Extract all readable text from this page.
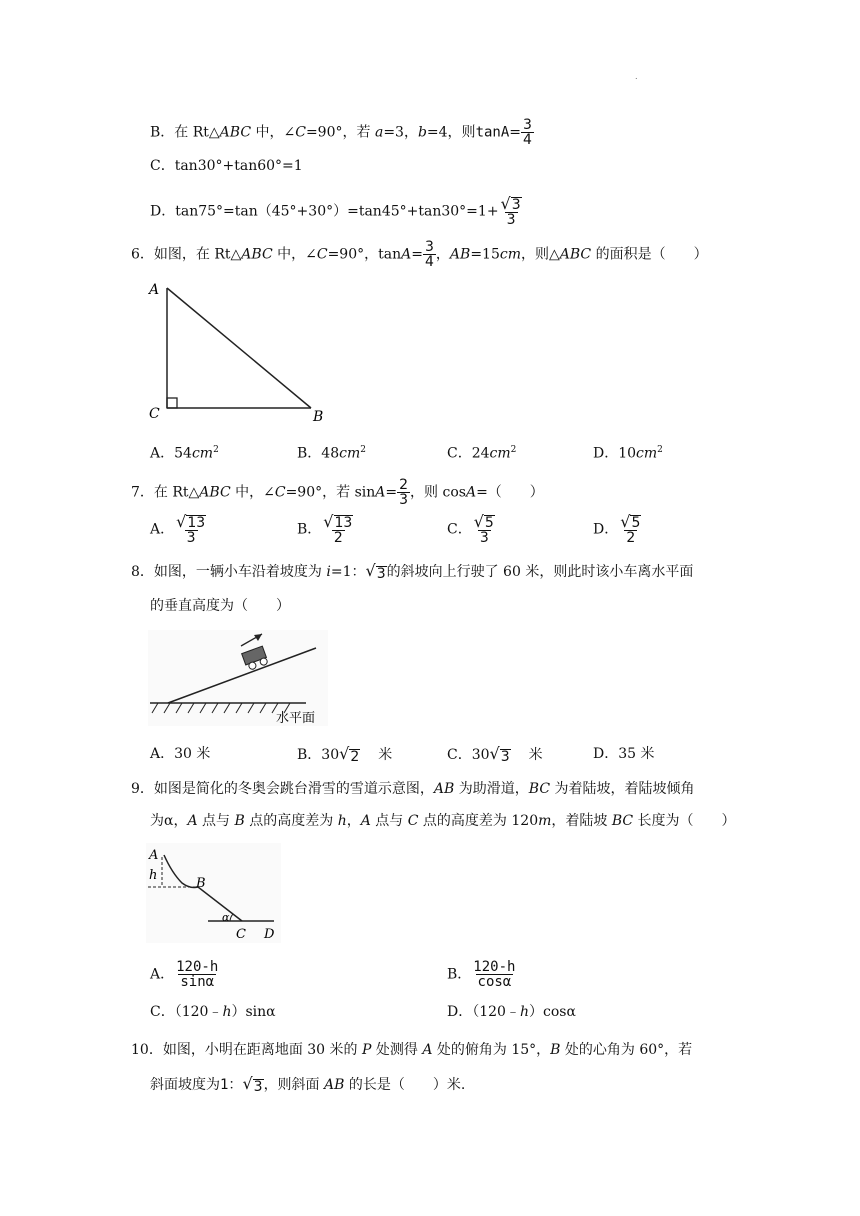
.
B．在 Rt△ABC 中，∠C=90°，若 a=3，b=4，则$\tan A= \frac{3}{4}$
C．tan30°+tan60°=1
D．$\tan 75^\circ=\tan(45^\circ+30^\circ)=\tan 45^\circ+\tan 30^\circ=1+ \frac{√ 3}{3}$
6．如图，在 Rt△ABC 中，∠C=90°，$\tan A= \frac{3}{4}$ ，AB=15cm，则△ABC 的面积是（　　）
A
C	B
A．$54cm^2$	B．$48cm^2$	C．$24cm^2$	D．$10cm^2$
7．在 Rt△ABC 中，∠C=90°，若 $\sin A= \frac{2}{3}$ ，则 cosA=（　　）
A． $\frac{√ 13}{3}$	B． $\frac{√ 13}{2}$	C． $\frac{√ 5}{3}$	D． $\frac{√ 5}{2}$
8．如图，一辆小车沿着坡度为 i=1： √ 3 的斜坡向上行驶了 60 米，则此时该小车离水平面
的垂直高度为（　　）
水平面
A．30 米	B．30 √ 2 米	C．30 √ 3 米	D．35 米
9．如图是简化的冬奥会跳台滑雪的雪道示意图，AB 为助滑道，BC 为着陆坡，着陆坡倾角
为α，A 点与 B 点的高度差为 h，A 点与 C 点的高度差为 120m，着陆坡 BC 长度为（　　）
A
h
B
α
C D
A． $\frac{120-h}{\sin\alpha}$	B． $\frac{120-h}{\cos\alpha}$
C．（120﹣h）sinα	D．（120﹣h）cosα
10．如图，小明在距离地面 30 米的 P 处测得 A 处的俯角为 15°，B 处的心角为 60°，若
斜面坡度为1： √ 3 ，则斜面 AB 的长是（　　）米.
